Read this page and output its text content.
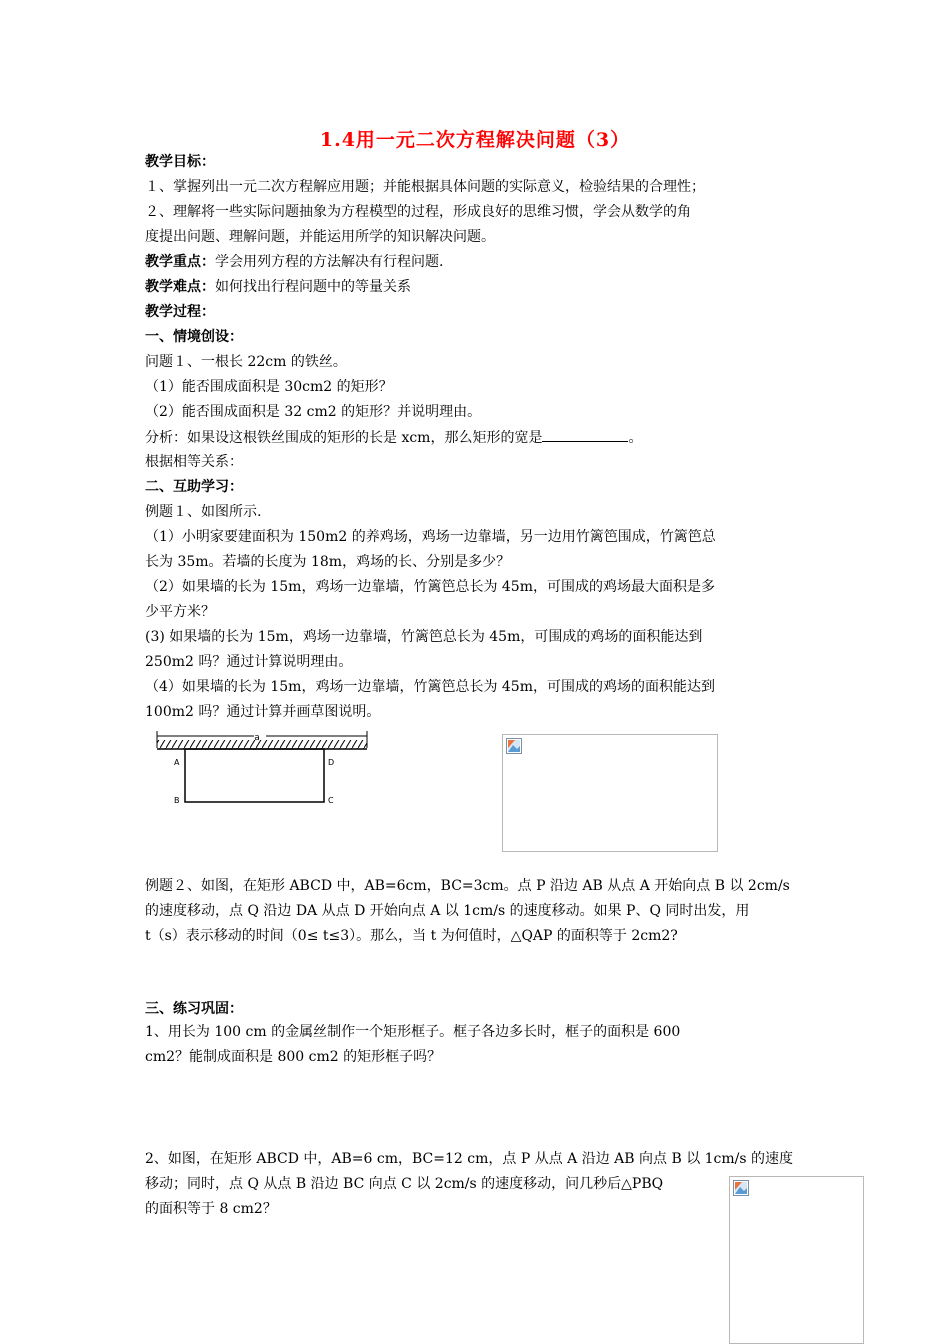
1.4用一元二次方程解决问题（3）
教学目标：
１、掌握列出一元二次方程解应用题；并能根据具体问题的实际意义，检验结果的合理性；
２、理解将一些实际问题抽象为方程模型的过程，形成良好的思维习惯，学会从数学的角
度提出问题、理解问题，并能运用所学的知识解决问题。
教学重点：学会用列方程的方法解决有行程问题.
教学难点：如何找出行程问题中的等量关系
教学过程：
一、情境创设：
问题１、一根长 22cm 的铁丝。
（1）能否围成面积是 30cm2 的矩形？
（2）能否围成面积是 32 cm2 的矩形？并说明理由。
分析：如果设这根铁丝围成的矩形的长是 xcm，那么矩形的宽是	。
根据相等关系：
二、互助学习：
例题１、如图所示.
（1）小明家要建面积为 150m2 的养鸡场，鸡场一边靠墙，另一边用竹篱笆围成，竹篱笆总
长为 35m。若墙的长度为 18m，鸡场的长、分别是多少？
（2）如果墙的长为 15m，鸡场一边靠墙，竹篱笆总长为 45m，可围成的鸡场最大面积是多
少平方米？
(3) 如果墙的长为 15m，鸡场一边靠墙，竹篱笆总长为 45m，可围成的鸡场的面积能达到
250m2 吗？通过计算说明理由。
（4）如果墙的长为 15m，鸡场一边靠墙，竹篱笆总长为 45m，可围成的鸡场的面积能达到
100m2 吗？通过计算并画草图说明。
a
A
B	C
D
例题２、如图，在矩形 ABCD 中，AB=6cm，BC=3cm。点 P 沿边 AB 从点 A 开始向点 B 以 2cm/s
的速度移动，点 Q 沿边 DA 从点 D 开始向点 A 以 1cm/s 的速度移动。如果 P、Q 同时出发，用
t（s）表示移动的时间（0≤ t≤3）。那么，当 t 为何值时，△QAP 的面积等于 2cm2?
三、练习巩固：
1、用长为 100 cm 的金属丝制作一个矩形框子。框子各边多长时，框子的面积是 600
cm2？能制成面积是 800 cm2 的矩形框子吗？
2、如图，在矩形 ABCD 中，AB=6 cm，BC=12 cm，点 P 从点 A 沿边 AB 向点 B 以 1cm/s 的速度
移动；同时，点 Q 从点 B 沿边 BC 向点 C 以 2cm/s 的速度移动，问几秒后△PBQ
的面积等于 8 cm2？
